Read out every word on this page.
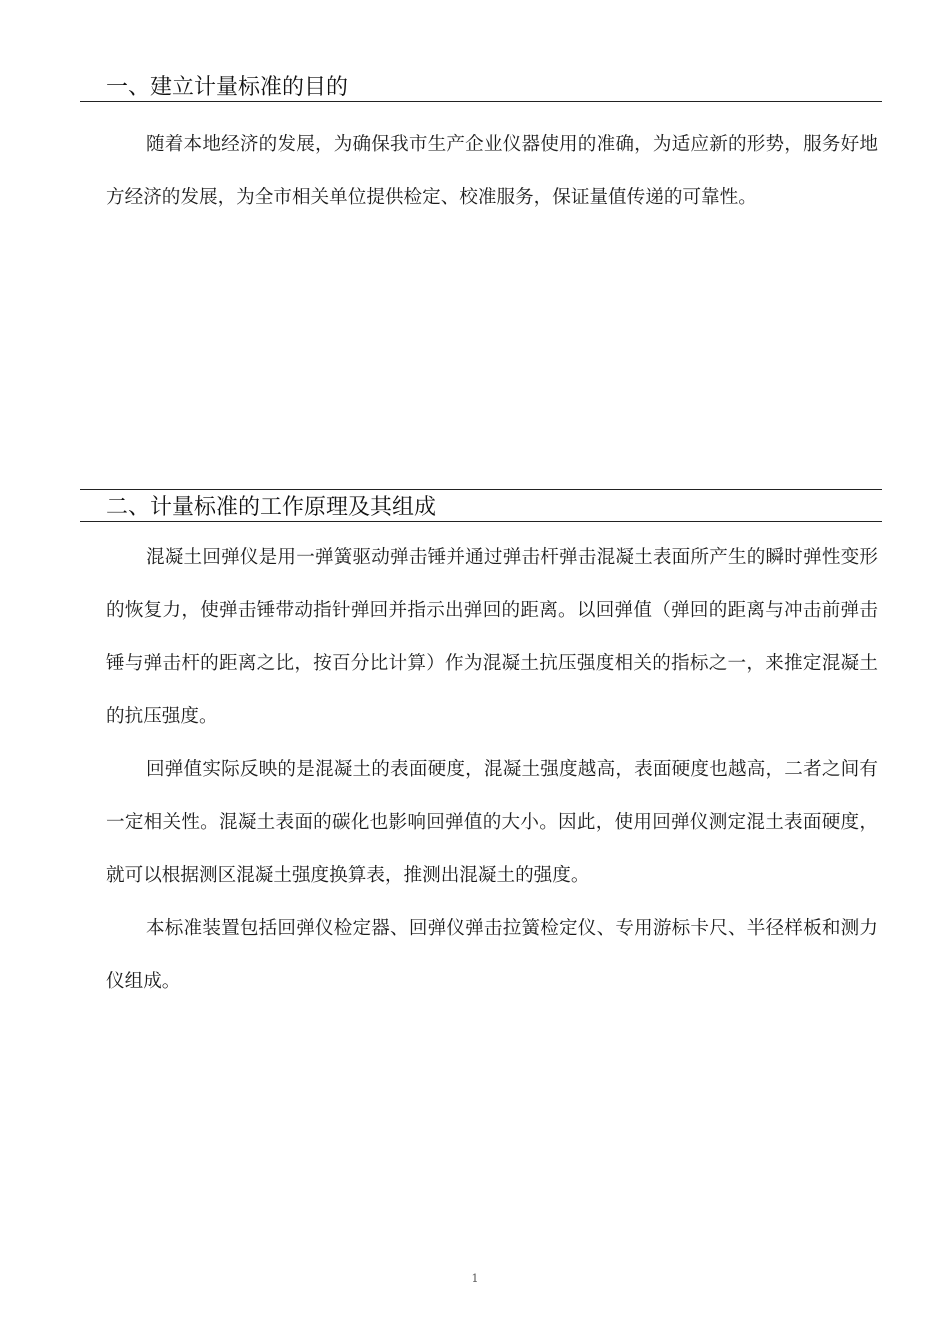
一、建立计量标准的目的

随着本地经济的发展，为确保我市生产企业仪器使用的准确，为适应新的形势，服务好地方经济的发展，为全市相关单位提供检定、校准服务，保证量值传递的可靠性。

二、计量标准的工作原理及其组成

混凝土回弹仪是用一弹簧驱动弹击锤并通过弹击杆弹击混凝土表面所产生的瞬时弹性变形的恢复力，使弹击锤带动指针弹回并指示出弹回的距离。以回弹值（弹回的距离与冲击前弹击锤与弹击杆的距离之比，按百分比计算）作为混凝土抗压强度相关的指标之一，来推定混凝土的抗压强度。

回弹值实际反映的是混凝土的表面硬度，混凝土强度越高，表面硬度也越高，二者之间有一定相关性。混凝土表面的碳化也影响回弹值的大小。因此，使用回弹仪测定混土表面硬度，就可以根据测区混凝土强度换算表，推测出混凝土的强度。

本标准装置包括回弹仪检定器、回弹仪弹击拉簧检定仪、专用游标卡尺、半径样板和测力仪组成。

1
